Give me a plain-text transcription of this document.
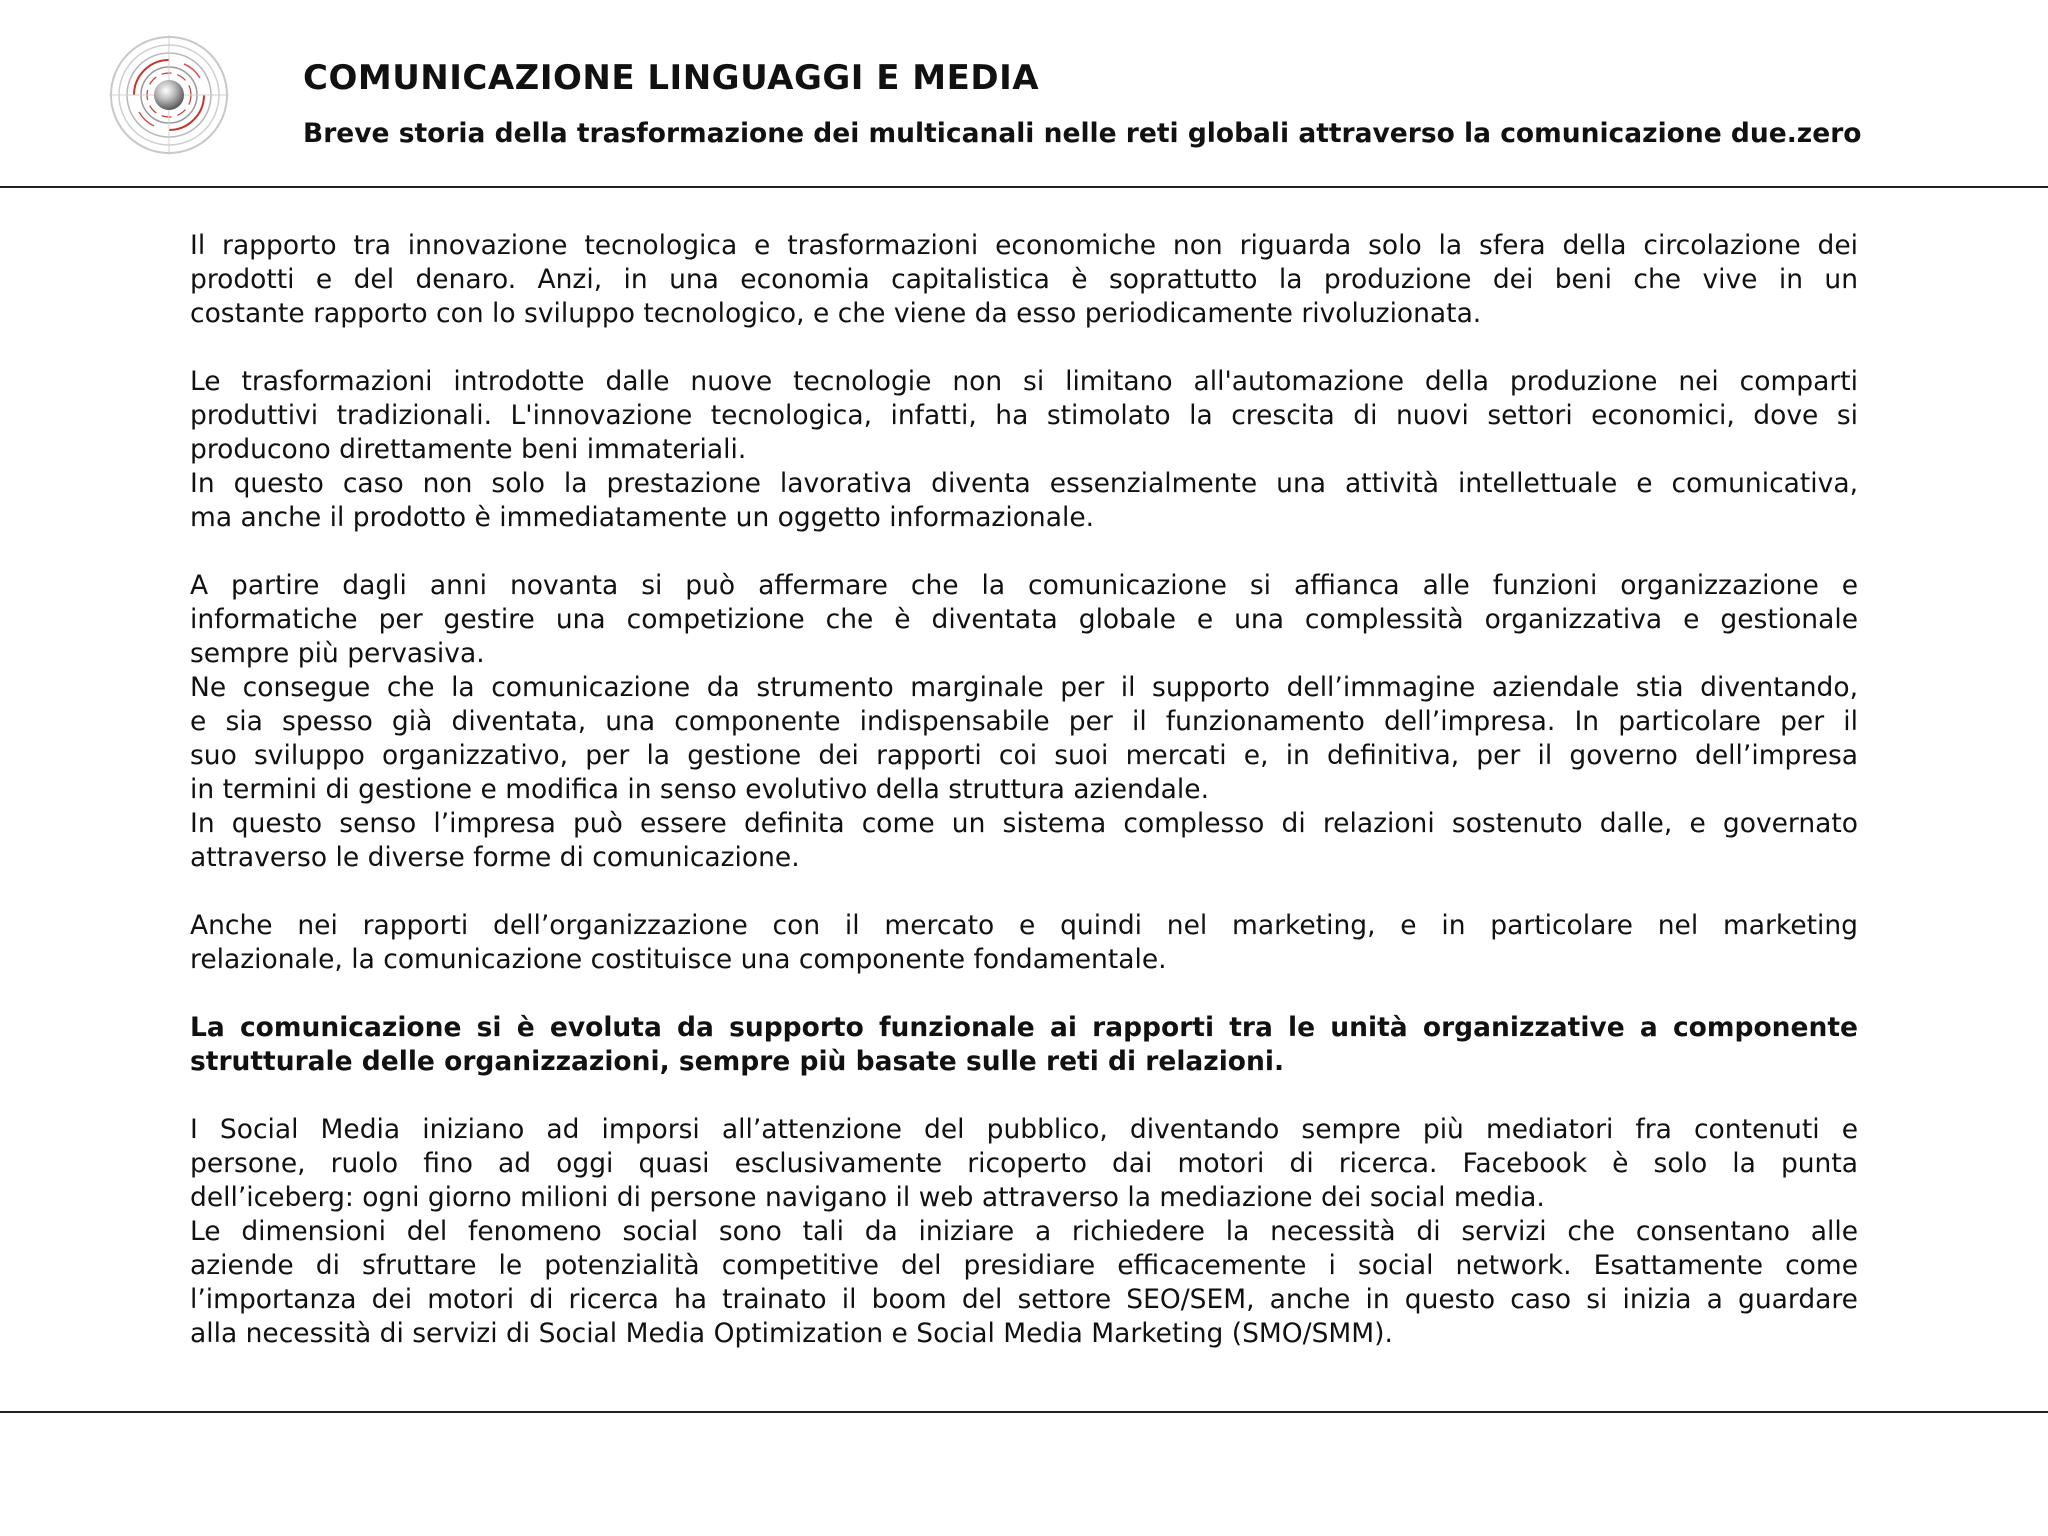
COMUNICAZIONE LINGUAGGI E MEDIA
Breve storia della trasformazione dei multicanali nelle reti globali attraverso la comunicazione due.zero

Il rapporto tra innovazione tecnologica e trasformazioni economiche non riguarda solo la sfera della circolazione dei
prodotti e del denaro. Anzi, in una economia capitalistica è soprattutto la produzione dei beni che vive in un
costante rapporto con lo sviluppo tecnologico, e che viene da esso periodicamente rivoluzionata.

Le trasformazioni introdotte dalle nuove tecnologie non si limitano all'automazione della produzione nei comparti
produttivi tradizionali. L'innovazione tecnologica, infatti, ha stimolato la crescita di nuovi settori economici, dove si
producono direttamente beni immateriali.
In questo caso non solo la prestazione lavorativa diventa essenzialmente una attività intellettuale e comunicativa,
ma anche il prodotto è immediatamente un oggetto informazionale.

A partire dagli anni novanta si può affermare che la comunicazione si affianca alle funzioni organizzazione e
informatiche per gestire una competizione che è diventata globale e una complessità organizzativa e gestionale
sempre più pervasiva.
Ne consegue che la comunicazione da strumento marginale per il supporto dell’immagine aziendale stia diventando,
e sia spesso già diventata, una componente indispensabile per il funzionamento dell’impresa. In particolare per il
suo sviluppo organizzativo, per la gestione dei rapporti coi suoi mercati e, in definitiva, per il governo dell’impresa
in termini di gestione e modifica in senso evolutivo della struttura aziendale.
In questo senso l’impresa può essere definita come un sistema complesso di relazioni sostenuto dalle, e governato
attraverso le diverse forme di comunicazione.

Anche nei rapporti dell’organizzazione con il mercato e quindi nel marketing, e in particolare nel marketing
relazionale, la comunicazione costituisce una componente fondamentale.

La comunicazione si è evoluta da supporto funzionale ai rapporti tra le unità organizzative a componente
strutturale delle organizzazioni, sempre più basate sulle reti di relazioni.

I Social Media iniziano ad imporsi all’attenzione del pubblico, diventando sempre più mediatori fra contenuti e
persone, ruolo fino ad oggi quasi esclusivamente ricoperto dai motori di ricerca. Facebook è solo la punta
dell’iceberg: ogni giorno milioni di persone navigano il web attraverso la mediazione dei social media.
Le dimensioni del fenomeno social sono tali da iniziare a richiedere la necessità di servizi che consentano alle
aziende di sfruttare le potenzialità competitive del presidiare efficacemente i social network. Esattamente come
l’importanza dei motori di ricerca ha trainato il boom del settore SEO/SEM, anche in questo caso si inizia a guardare
alla necessità di servizi di Social Media Optimization e Social Media Marketing (SMO/SMM).
